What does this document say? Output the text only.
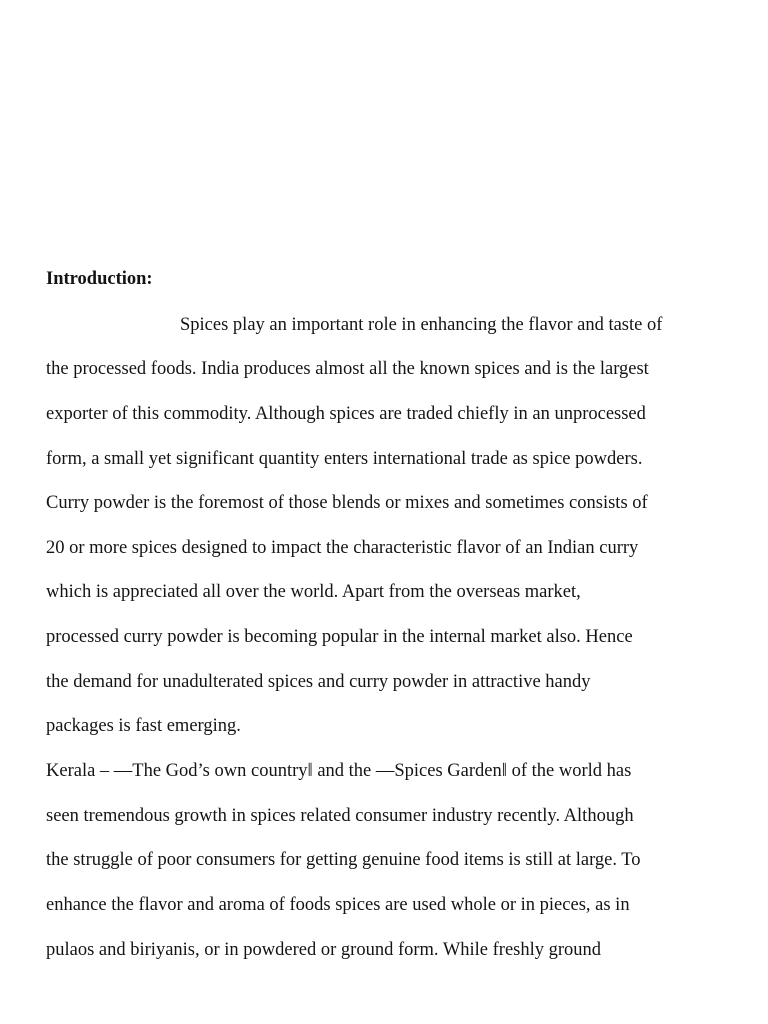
Introduction:
Spices play an important role in enhancing the flavor and taste of
the processed foods. India produces almost all the known spices and is the largest
exporter of this commodity. Although spices are traded chiefly in an unprocessed
form, a small yet significant quantity enters international trade as spice powders.
Curry powder is the foremost of those blends or mixes and sometimes consists of
20 or more spices designed to impact the characteristic flavor of an Indian curry
which is appreciated all over the world. Apart from the overseas market,
processed curry powder is becoming popular in the internal market also. Hence
the demand for unadulterated spices and curry powder in attractive handy
packages is fast emerging.
Kerala – ―The God’s own country‖ and the ―Spices Garden‖ of the world has
seen tremendous growth in spices related consumer industry recently. Although
the struggle of poor consumers for getting genuine food items is still at large. To
enhance the flavor and aroma of foods spices are used whole or in pieces, as in
pulaos and biriyanis, or in powdered or ground form. While freshly ground
